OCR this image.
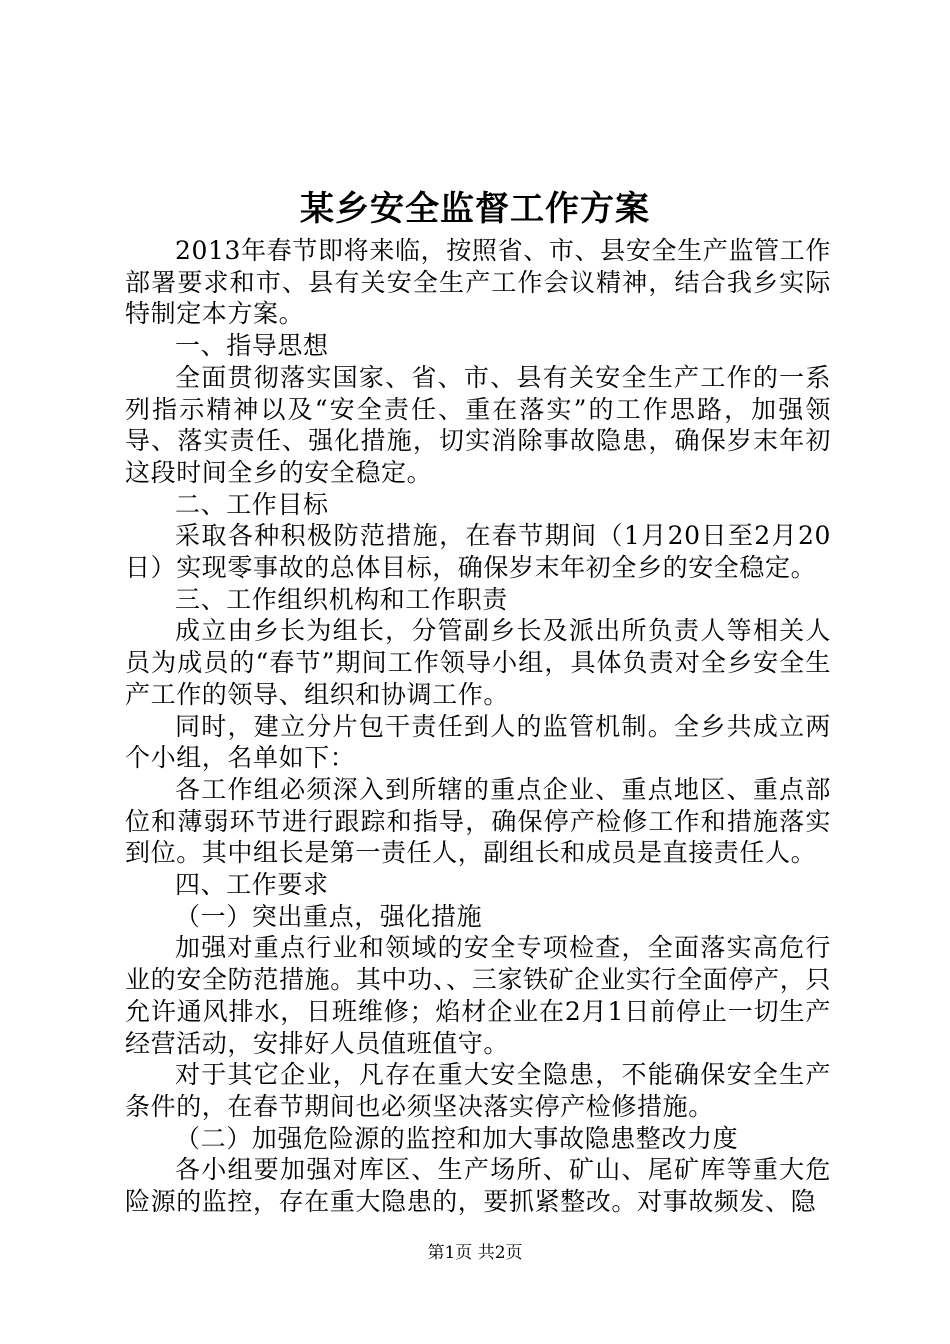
某乡安全监督工作方案

2013年春节即将来临，按照省、市、县安全生产监管工作部署要求和市、县有关安全生产工作会议精神，结合我乡实际特制定本方案。

一、指导思想

全面贯彻落实国家、省、市、县有关安全生产工作的一系列指示精神以及“安全责任、重在落实”的工作思路，加强领导、落实责任、强化措施，切实消除事故隐患，确保岁末年初这段时间全乡的安全稳定。

二、工作目标

采取各种积极防范措施，在春节期间（1月20日至2月20日）实现零事故的总体目标，确保岁末年初全乡的安全稳定。

三、工作组织机构和工作职责

成立由乡长为组长，分管副乡长及派出所负责人等相关人员为成员的“春节”期间工作领导小组，具体负责对全乡安全生产工作的领导、组织和协调工作。

同时，建立分片包干责任到人的监管机制。全乡共成立两个小组，名单如下：

各工作组必须深入到所辖的重点企业、重点地区、重点部位和薄弱环节进行跟踪和指导，确保停产检修工作和措施落实到位。其中组长是第一责任人，副组长和成员是直接责任人。

四、工作要求

（一）突出重点，强化措施

加强对重点行业和领域的安全专项检查，全面落实高危行业的安全防范措施。其中功、、三家铁矿企业实行全面停产，只允许通风排水，日班维修；焰材企业在2月1日前停止一切生产经营活动，安排好人员值班值守。

对于其它企业，凡存在重大安全隐患，不能确保安全生产条件的，在春节期间也必须坚决落实停产检修措施。

（二）加强危险源的监控和加大事故隐患整改力度

各小组要加强对库区、生产场所、矿山、尾矿库等重大危险源的监控，存在重大隐患的，要抓紧整改。对事故频发、隐

第1页 共2页
